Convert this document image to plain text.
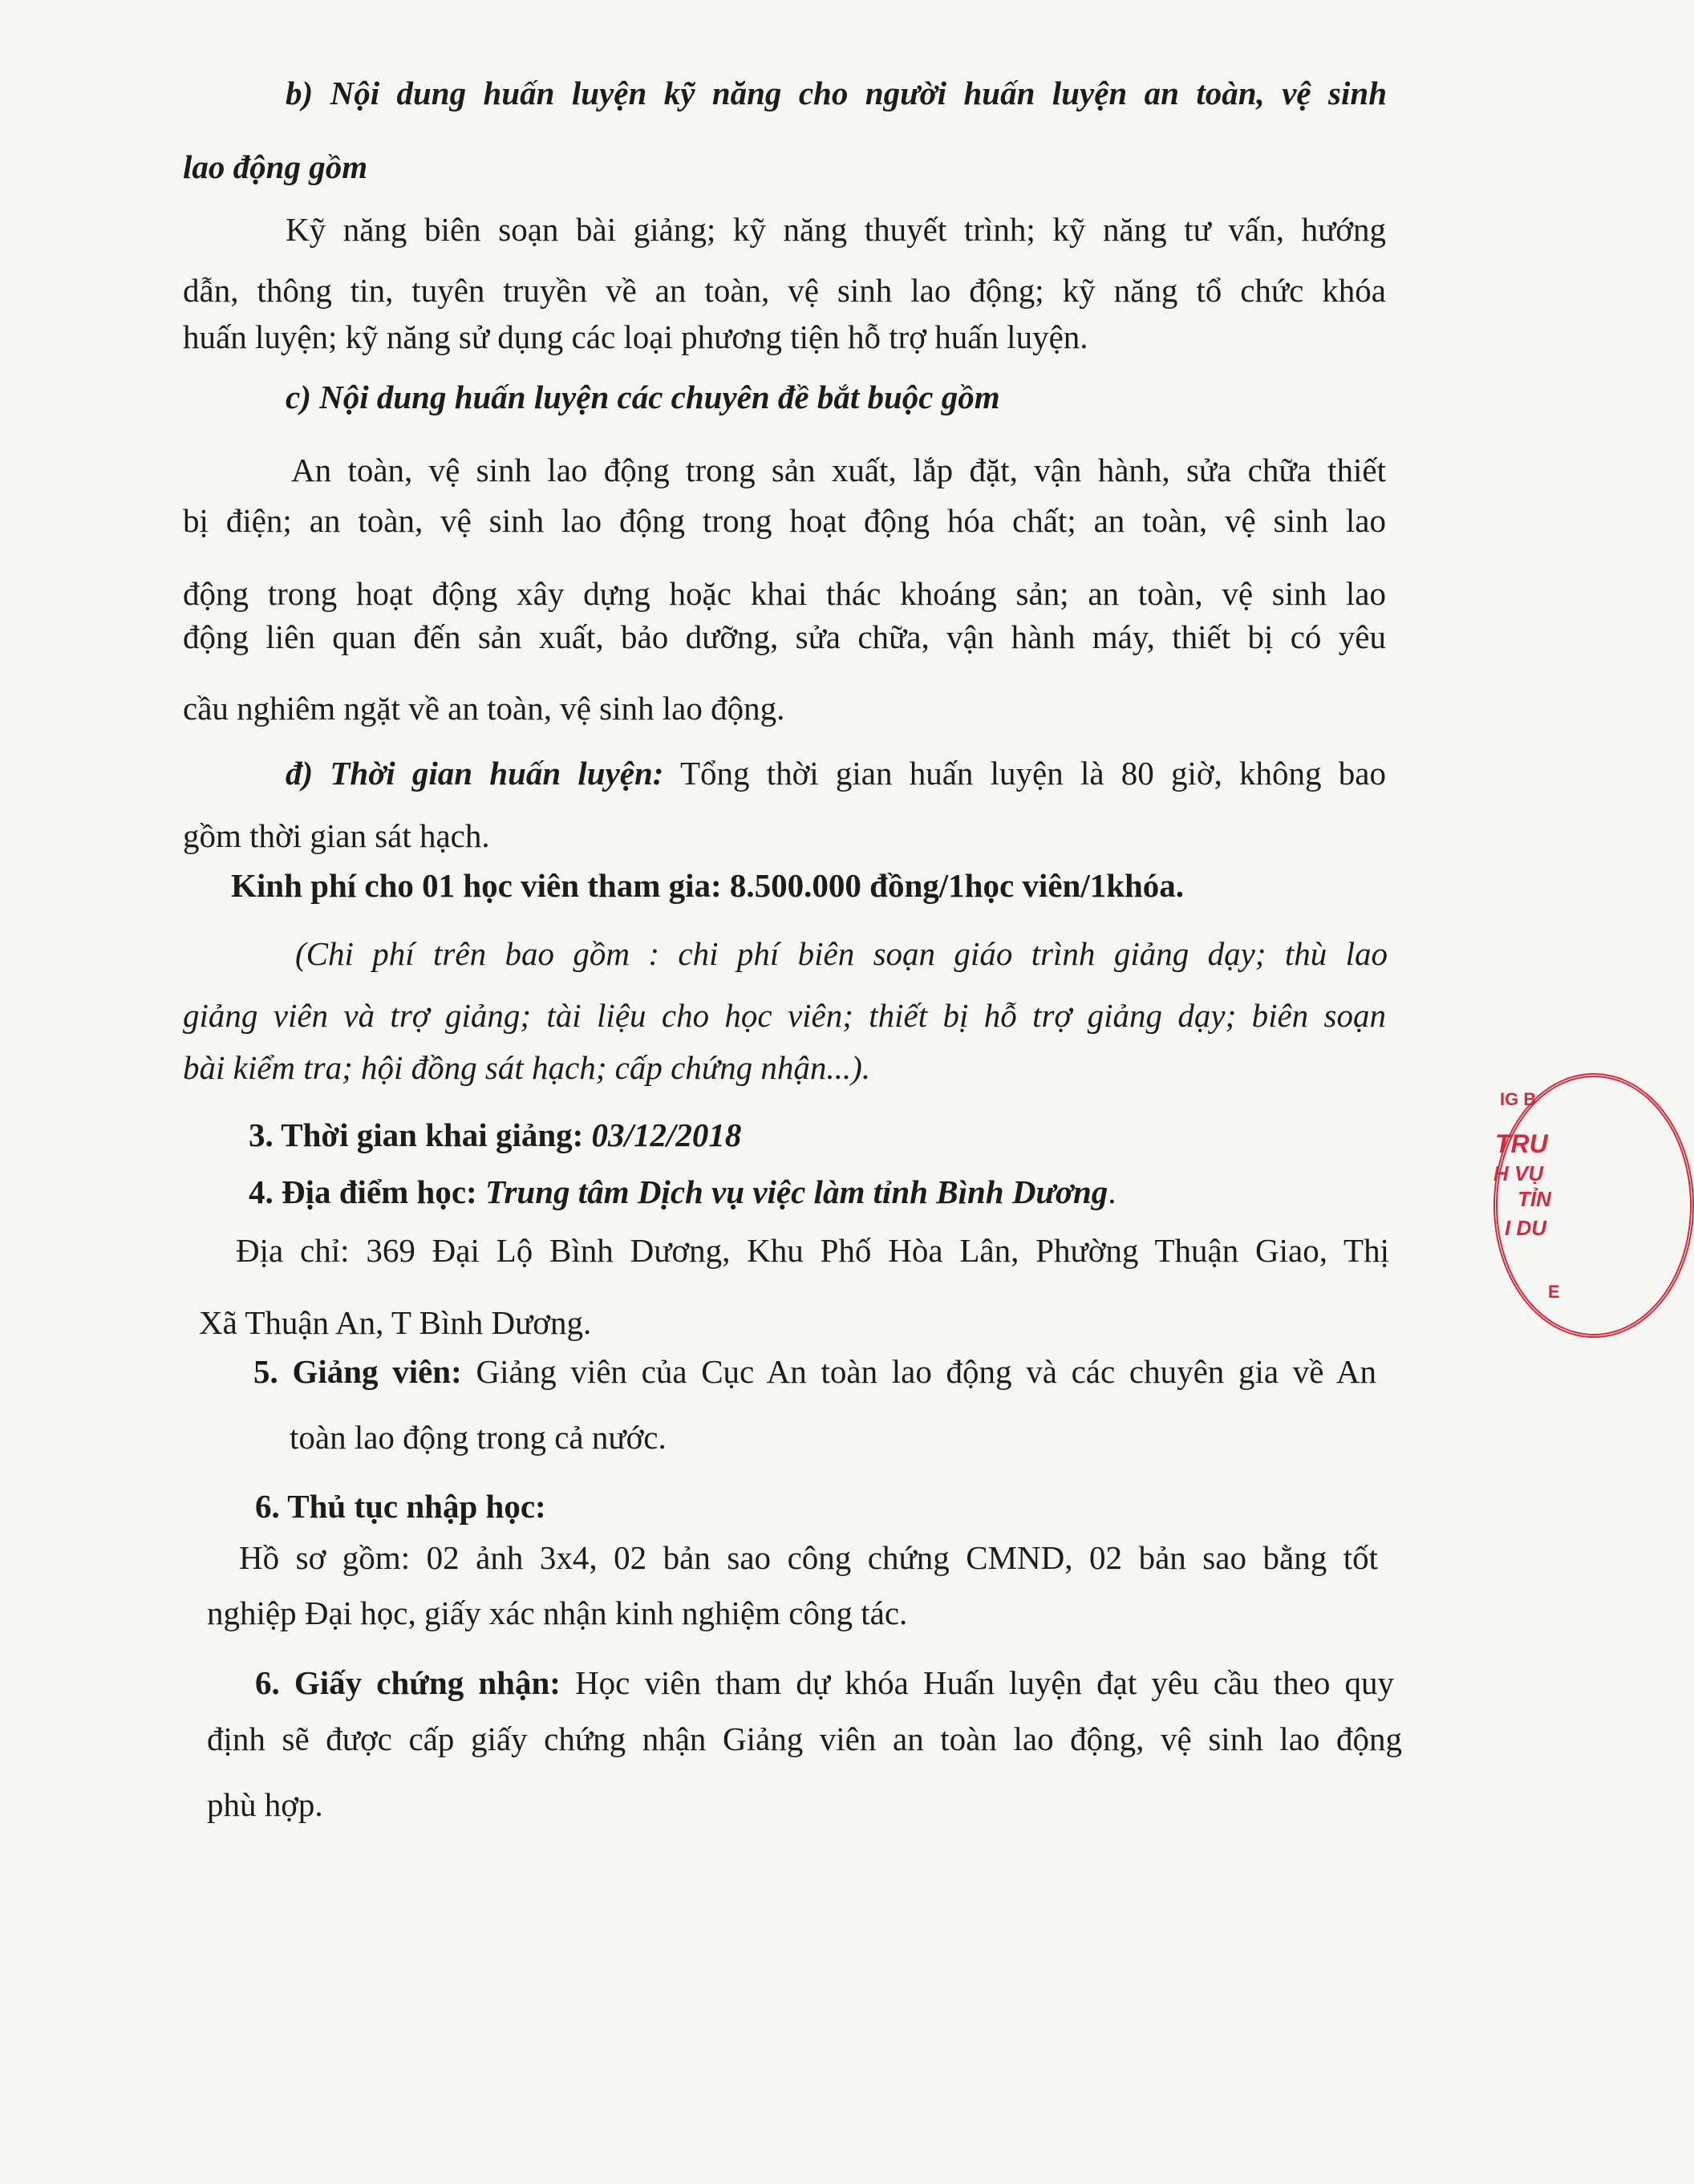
b) Nội dung huấn luyện kỹ năng cho người huấn luyện an toàn, vệ sinh
lao động gồm
Kỹ năng biên soạn bài giảng; kỹ năng thuyết trình; kỹ năng tư vấn, hướng
dẫn, thông tin, tuyên truyền về an toàn, vệ sinh lao động; kỹ năng tổ chức khóa
huấn luyện; kỹ năng sử dụng các loại phương tiện hỗ trợ huấn luyện.
c) Nội dung huấn luyện các chuyên đề bắt buộc gồm
An toàn, vệ sinh lao động trong sản xuất, lắp đặt, vận hành, sửa chữa thiết
bị điện; an toàn, vệ sinh lao động trong hoạt động hóa chất; an toàn, vệ sinh lao
động trong hoạt động xây dựng hoặc khai thác khoáng sản; an toàn, vệ sinh lao
động liên quan đến sản xuất, bảo dưỡng, sửa chữa, vận hành máy, thiết bị có yêu
cầu nghiêm ngặt về an toàn, vệ sinh lao động.
đ) Thời gian huấn luyện: Tổng thời gian huấn luyện là 80 giờ, không bao
gồm thời gian sát hạch.
Kinh phí cho 01 học viên tham gia: 8.500.000 đồng/1học viên/1khóa.
(Chi phí trên bao gồm : chi phí biên soạn giáo trình giảng dạy; thù lao
giảng viên và trợ giảng; tài liệu cho học viên; thiết bị hỗ trợ giảng dạy; biên soạn
bài kiểm tra; hội đồng sát hạch; cấp chứng nhận...).
3. Thời gian khai giảng: 03/12/2018
4. Địa điểm học: Trung tâm Dịch vụ việc làm tỉnh Bình Dương.
Địa chỉ: 369 Đại Lộ Bình Dương, Khu Phố Hòa Lân, Phường Thuận Giao, Thị
Xã Thuận An, T Bình Dương.
5. Giảng viên: Giảng viên của Cục An toàn lao động và các chuyên gia về An
toàn lao động trong cả nước.
6. Thủ tục nhập học:
Hồ sơ gồm: 02 ảnh 3x4, 02 bản sao công chứng CMND, 02 bản sao bằng tốt
nghiệp Đại học, giấy xác nhận kinh nghiệm công tác.
6. Giấy chứng nhận: Học viên tham dự khóa Huấn luyện đạt yêu cầu theo quy
định sẽ được cấp giấy chứng nhận Giảng viên an toàn lao động, vệ sinh lao động
phù hợp.
IG B
TRU
H VỤ
TỈN
I DU
E
